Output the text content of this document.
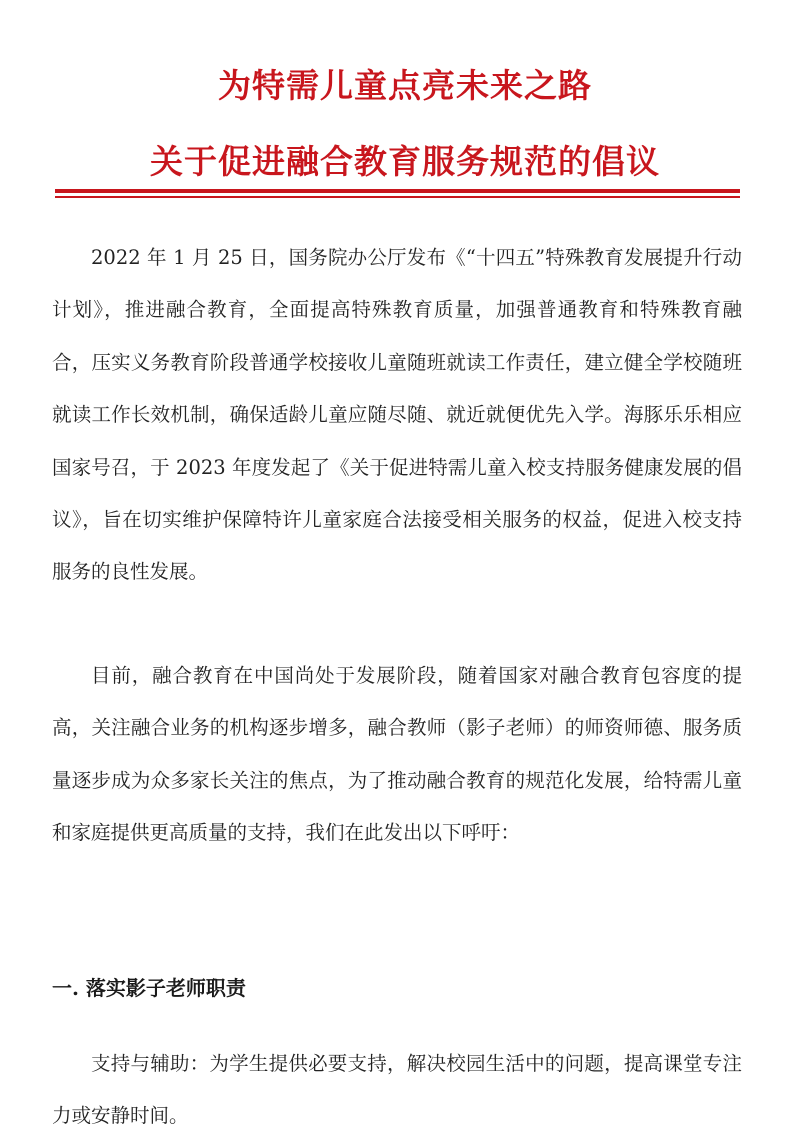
为特需儿童点亮未来之路
关于促进融合教育服务规范的倡议

2022 年 1 月 25 日，国务院办公厅发布《“十四五”特殊教育发展提升行动计划》，推进融合教育，全面提高特殊教育质量，加强普通教育和特殊教育融合，压实义务教育阶段普通学校接收儿童随班就读工作责任，建立健全学校随班就读工作长效机制，确保适龄儿童应随尽随、就近就便优先入学。海豚乐乐相应国家号召，于 2023 年度发起了《关于促进特需儿童入校支持服务健康发展的倡议》，旨在切实维护保障特许儿童家庭合法接受相关服务的权益，促进入校支持服务的良性发展。

目前，融合教育在中国尚处于发展阶段，随着国家对融合教育包容度的提高，关注融合业务的机构逐步增多，融合教师（影子老师）的师资师德、服务质量逐步成为众多家长关注的焦点，为了推动融合教育的规范化发展，给特需儿童和家庭提供更高质量的支持，我们在此发出以下呼吁：

一. 落实影子老师职责

支持与辅助：为学生提供必要支持，解决校园生活中的问题，提高课堂专注力或安静时间。
